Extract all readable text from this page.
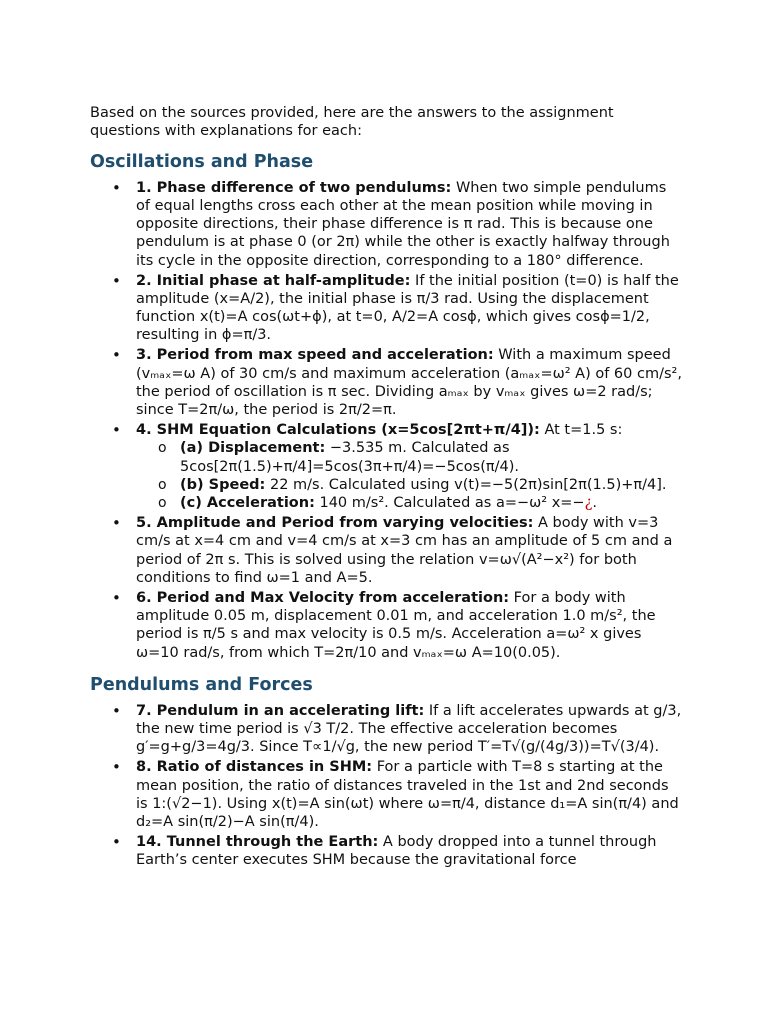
Based on the sources provided, here are the answers to the assignment questions with explanations for each:

Oscillations and Phase
• 1. Phase difference of two pendulums: When two simple pendulums of equal lengths cross each other at the mean position while moving in opposite directions, their phase difference is π rad. This is because one pendulum is at phase 0 (or 2π) while the other is exactly halfway through its cycle in the opposite direction, corresponding to a 180° difference.
• 2. Initial phase at half-amplitude: If the initial position (t=0) is half the amplitude (x=A/2), the initial phase is π/3 rad. Using the displacement function x(t)=A cos(ωt+ϕ), at t=0, A/2=A cosϕ, which gives cosϕ=1/2, resulting in ϕ=π/3.
• 3. Period from max speed and acceleration: With a maximum speed (vₘₐₓ=ω A) of 30 cm/s and maximum acceleration (aₘₐₓ=ω² A) of 60 cm/s², the period of oscillation is π sec. Dividing aₘₐₓ by vₘₐₓ gives ω=2 rad/s; since T=2π/ω, the period is 2π/2=π.
• 4. SHM Equation Calculations (x=5cos[2πt+π/4]): At t=1.5 s:
o (a) Displacement: −3.535 m. Calculated as 5cos[2π(1.5)+π/4]=5cos(3π+π/4)=−5cos(π/4).
o (b) Speed: 22 m/s. Calculated using v(t)=−5(2π)sin[2π(1.5)+π/4].
o (c) Acceleration: 140 m/s². Calculated as a=−ω² x=−¿.
• 5. Amplitude and Period from varying velocities: A body with v=3 cm/s at x=4 cm and v=4 cm/s at x=3 cm has an amplitude of 5 cm and a period of 2π s. This is solved using the relation v=ω√(A²−x²) for both conditions to find ω=1 and A=5.
• 6. Period and Max Velocity from acceleration: For a body with amplitude 0.05 m, displacement 0.01 m, and acceleration 1.0 m/s², the period is π/5 s and max velocity is 0.5 m/s. Acceleration a=ω² x gives ω=10 rad/s, from which T=2π/10 and vₘₐₓ=ω A=10(0.05).
Pendulums and Forces
• 7. Pendulum in an accelerating lift: If a lift accelerates upwards at g/3, the new time period is √3 T/2. The effective acceleration becomes g′=g+g/3=4g/3. Since T∝1/√g, the new period T′=T√(g/(4g/3))=T√(3/4).
• 8. Ratio of distances in SHM: For a particle with T=8 s starting at the mean position, the ratio of distances traveled in the 1st and 2nd seconds is 1:(√2−1). Using x(t)=A sin(ωt) where ω=π/4, distance d₁=A sin(π/4) and d₂=A sin(π/2)−A sin(π/4).
• 14. Tunnel through the Earth: A body dropped into a tunnel through Earth’s center executes SHM because the gravitational force
